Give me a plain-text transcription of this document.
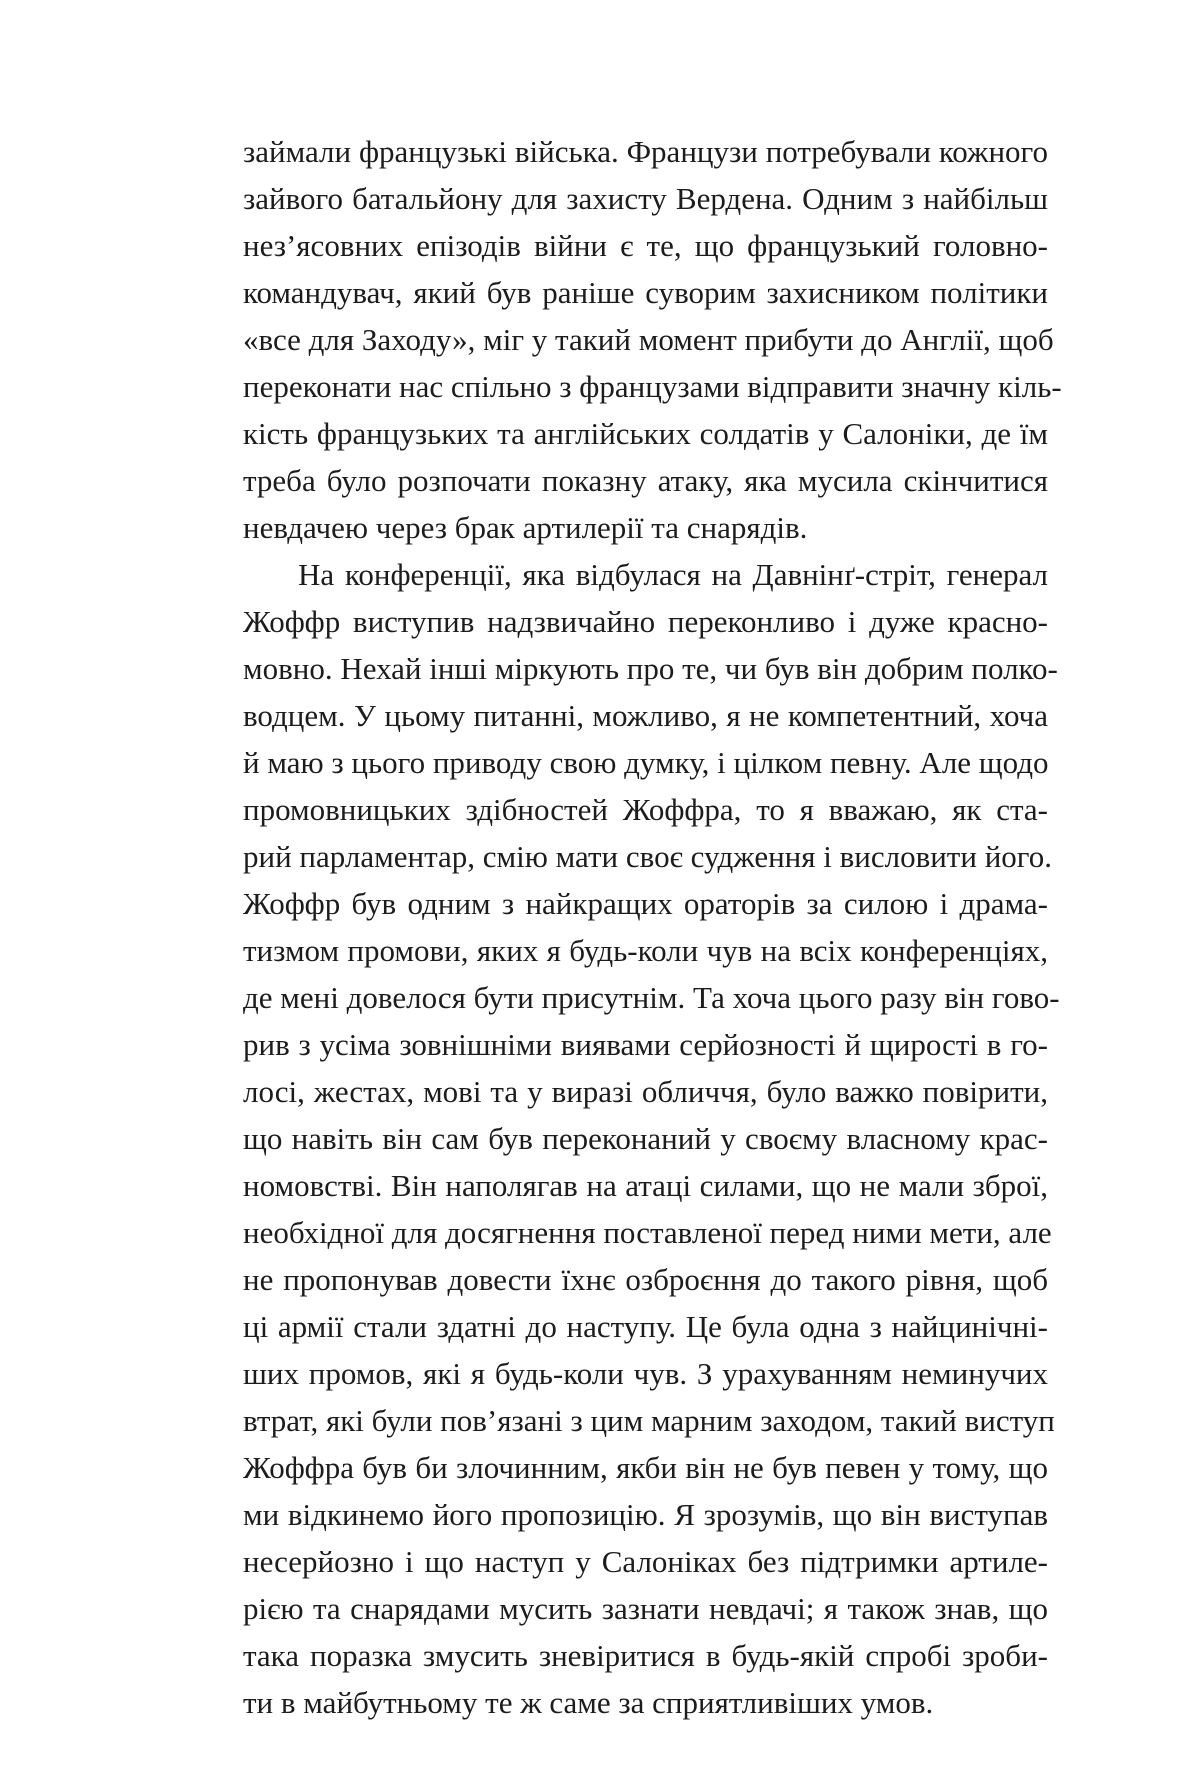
займали французькі війська. Французи потребували кожного
зайвого батальйону для захисту Вердена. Одним з найбільш
нез’ясовних епізодів війни є те, що французький головно-
командувач, який був раніше суворим захисником політики
«все для Заходу», міг у такий момент прибути до Англії, щоб
переконати нас спільно з французами відправити значну кіль-
кість французьких та англійських солдатів у Салоніки, де їм
треба було розпочати показну атаку, яка мусила скінчитися
невдачею через брак артилерії та снарядів.
На конференції, яка відбулася на Давнінґ-стріт, генерал
Жоффр виступив надзвичайно переконливо і дуже красно-
мовно. Нехай інші міркують про те, чи був він добрим полко-
водцем. У цьому питанні, можливо, я не компетентний, хоча
й маю з цього приводу свою думку, і цілком певну. Але щодо
промовницьких здібностей Жоффра, то я вважаю, як ста-
рий парламентар, смію мати своє судження і висловити його.
Жоффр був одним з найкращих ораторів за силою і драма-
тизмом промови, яких я будь-коли чув на всіх конференціях,
де мені довелося бути присутнім. Та хоча цього разу він гово-
рив з усіма зовнішніми виявами серйозності й щирості в го-
лосі, жестах, мові та у виразі обличчя, було важко повірити,
що навіть він сам був переконаний у своєму власному крас-
номовстві. Він наполягав на атаці силами, що не мали зброї,
необхідної для досягнення поставленої перед ними мети, але
не пропонував довести їхнє озброєння до такого рівня, щоб
ці армії стали здатні до наступу. Це була одна з найцинічні-
ших промов, які я будь-коли чув. З урахуванням неминучих
втрат, які були пов’язані з цим марним заходом, такий виступ
Жоффра був би злочинним, якби він не був певен у тому, що
ми відкинемо його пропозицію. Я зрозумів, що він виступав
несерйозно і що наступ у Салоніках без підтримки артиле-
рією та снарядами мусить зазнати невдачі; я також знав, що
така поразка змусить зневіритися в будь-якій спробі зроби-
ти в майбутньому те ж саме за сприятливіших умов.
